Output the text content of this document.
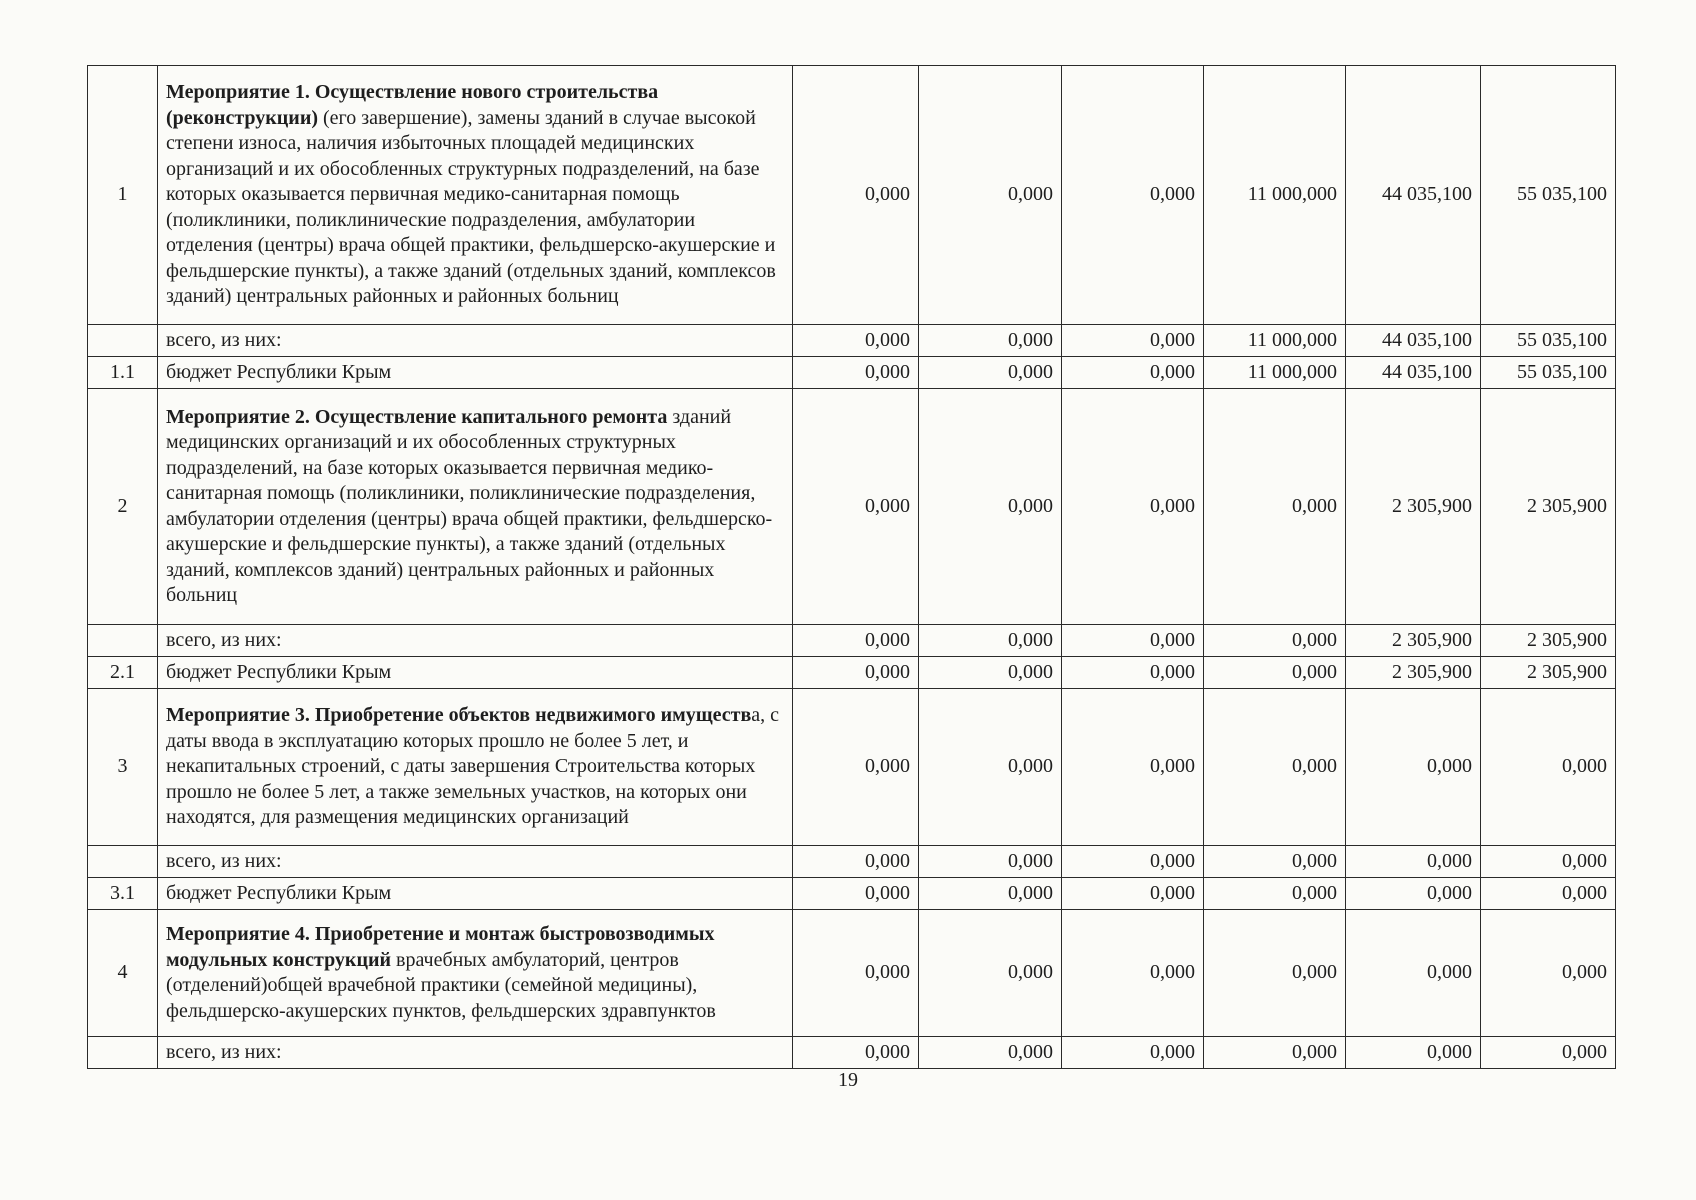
1	Мероприятие 1. Осуществление нового строительства (реконструкции) (его завершение), замены зданий в случае высокой степени износа, наличия избыточных площадей медицинских организаций и их обособленных структурных подразделений, на базе которых оказывается первичная медико-санитарная помощь (поликлиники, поликлинические подразделения, амбулатории отделения (центры) врача общей практики, фельдшерско-акушерские и фельдшерские пункты), а также зданий (отдельных зданий, комплексов зданий) центральных районных и районных больниц	0,000	0,000	0,000	11 000,000	44 035,100	55 035,100
	всего, из них:	0,000	0,000	0,000	11 000,000	44 035,100	55 035,100
1.1	бюджет Республики Крым	0,000	0,000	0,000	11 000,000	44 035,100	55 035,100
2	Мероприятие 2. Осуществление капитального ремонта зданий медицинских организаций и их обособленных структурных подразделений, на базе которых оказывается первичная медико-санитарная помощь (поликлиники, поликлинические подразделения, амбулатории отделения (центры) врача общей практики, фельдшерско-акушерские и фельдшерские пункты), а также зданий (отдельных зданий, комплексов зданий) центральных районных и районных больниц	0,000	0,000	0,000	0,000	2 305,900	2 305,900
	всего, из них:	0,000	0,000	0,000	0,000	2 305,900	2 305,900
2.1	бюджет Республики Крым	0,000	0,000	0,000	0,000	2 305,900	2 305,900
3	Мероприятие 3. Приобретение объектов недвижимого имущества, с даты ввода в эксплуатацию которых прошло не более 5 лет, и некапитальных строений, с даты завершения Строительства которых прошло не более 5 лет, а также земельных участков, на которых они находятся, для размещения медицинских организаций	0,000	0,000	0,000	0,000	0,000	0,000
	всего, из них:	0,000	0,000	0,000	0,000	0,000	0,000
3.1	бюджет Республики Крым	0,000	0,000	0,000	0,000	0,000	0,000
4	Мероприятие 4. Приобретение и монтаж быстровозводимых модульных конструкций врачебных амбулаторий, центров (отделений)общей врачебной практики (семейной медицины), фельдшерско-акушерских пунктов, фельдшерских здравпунктов	0,000	0,000	0,000	0,000	0,000	0,000
	всего, из них:	0,000	0,000	0,000	0,000	0,000	0,000
19
